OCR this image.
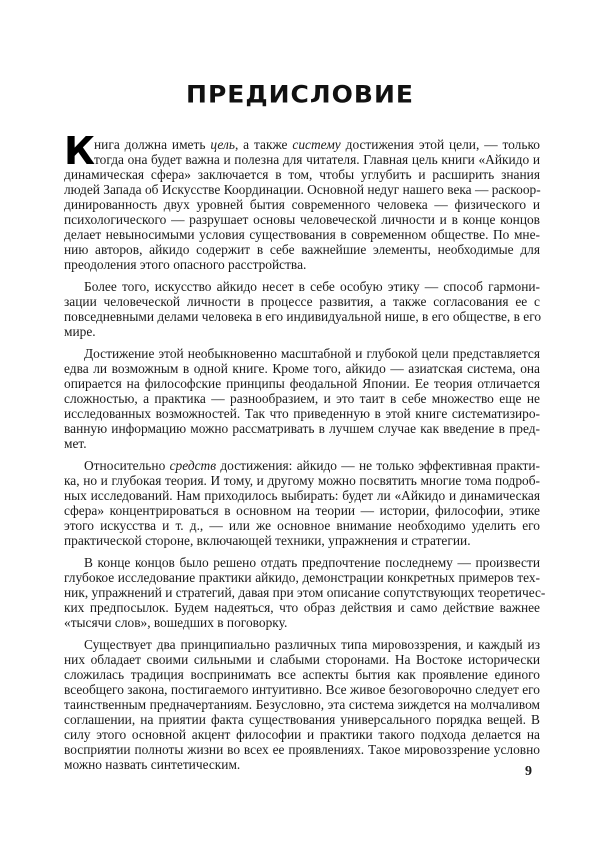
ПРЕДИСЛОВИЕ
К
нига должна иметь цель, а также систему достижения этой цели, — только
тогда она будет важна и полезна для читателя. Главная цель книги «Айкидо и
динамическая сфера» заключается в том, чтобы углубить и расширить знания
людей Запада об Искусстве Координации. Основной недуг нашего века — раскоор-
динированность двух уровней бытия современного человека — физического и
психологического — разрушает основы человеческой личности и в конце концов
делает невыносимыми условия существования в современном обществе. По мне-
нию авторов, айкидо содержит в себе важнейшие элементы, необходимые для
преодоления этого опасного расстройства.
Более того, искусство айкидо несет в себе особую этику — способ гармони-
зации человеческой личности в процессе развития, а также согласования ее с
повседневными делами человека в его индивидуальной нише, в его обществе, в его
мире.
Достижение этой необыкновенно масштабной и глубокой цели представляется
едва ли возможным в одной книге. Кроме того, айкидо — азиатская система, она
опирается на философские принципы феодальной Японии. Ее теория отличается
сложностью, а практика — разнообразием, и это таит в себе множество еще не
исследованных возможностей. Так что приведенную в этой книге систематизиро-
ванную информацию можно рассматривать в лучшем случае как введение в пред-
мет.
Относительно средств достижения: айкидо — не только эффективная практи-
ка, но и глубокая теория. И тому, и другому можно посвятить многие тома подроб-
ных исследований. Нам приходилось выбирать: будет ли «Айкидо и динамическая
сфера» концентрироваться в основном на теории — истории, философии, этике
этого искусства и т. д., — или же основное внимание необходимо уделить его
практической стороне, включающей техники, упражнения и стратегии.
В конце концов было решено отдать предпочтение последнему — произвести
глубокое исследование практики айкидо, демонстрации конкретных примеров тех-
ник, упражнений и стратегий, давая при этом описание сопутствующих теоретичес-
ких предпосылок. Будем надеяться, что образ действия и само действие важнее
«тысячи слов», вошедших в поговорку.
Существует два принципиально различных типа мировоззрения, и каждый из
них обладает своими сильными и слабыми сторонами. На Востоке исторически
сложилась традиция воспринимать все аспекты бытия как проявление единого
всеобщего закона, постигаемого интуитивно. Все живое безоговорочно следует его
таинственным предначертаниям. Безусловно, эта система зиждется на молчаливом
соглашении, на приятии факта существования универсального порядка вещей. В
силу этого основной акцент философии и практики такого подхода делается на
восприятии полноты жизни во всех ее проявлениях. Такое мировоззрение условно
можно назвать синтетическим.	9
